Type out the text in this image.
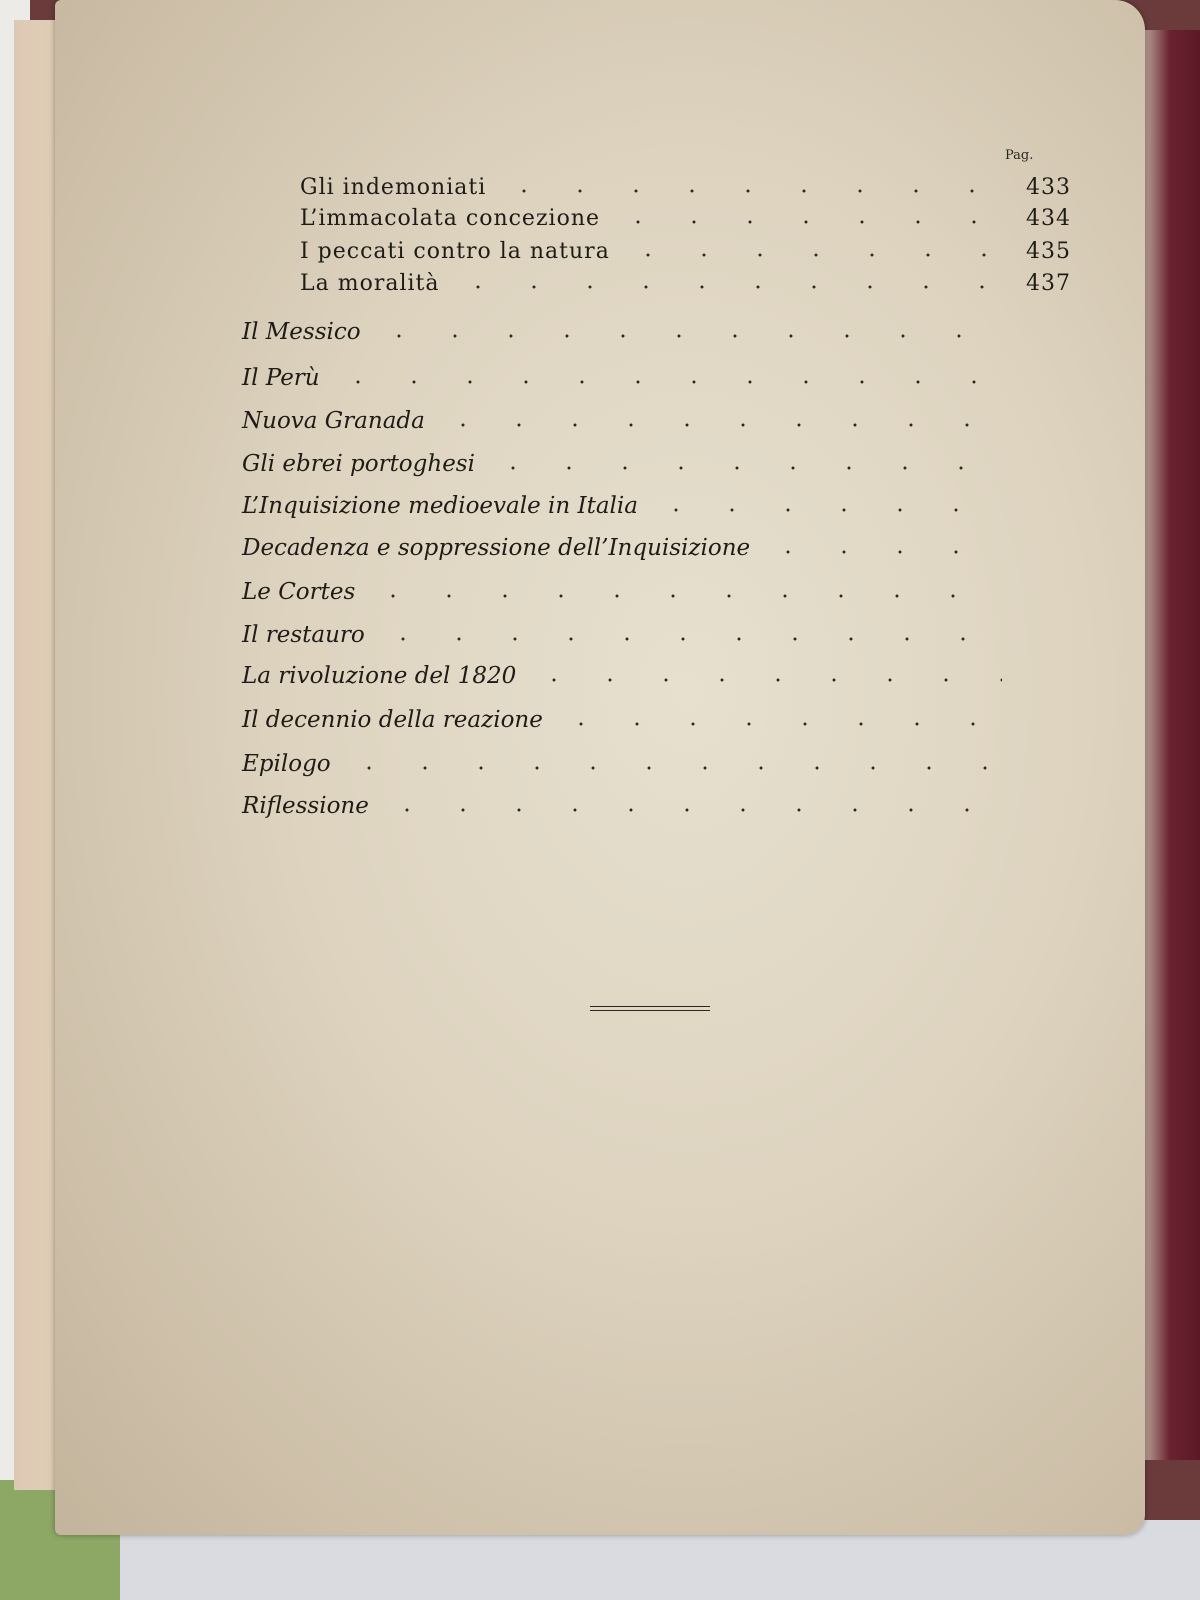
Pag.
Gli indemoniati	433
L’immacolata concezione	434
I peccati contro la natura	435
La moralità	437
Il Messico
Il Perù
Nuova Granada
Gli ebrei portoghesi
L’Inquisizione medioevale in Italia
Decadenza e soppressione dell’Inquisizione
Le Cortes
Il restauro
La rivoluzione del 1820
Il decennio della reazione
Epilogo
Riflessione
